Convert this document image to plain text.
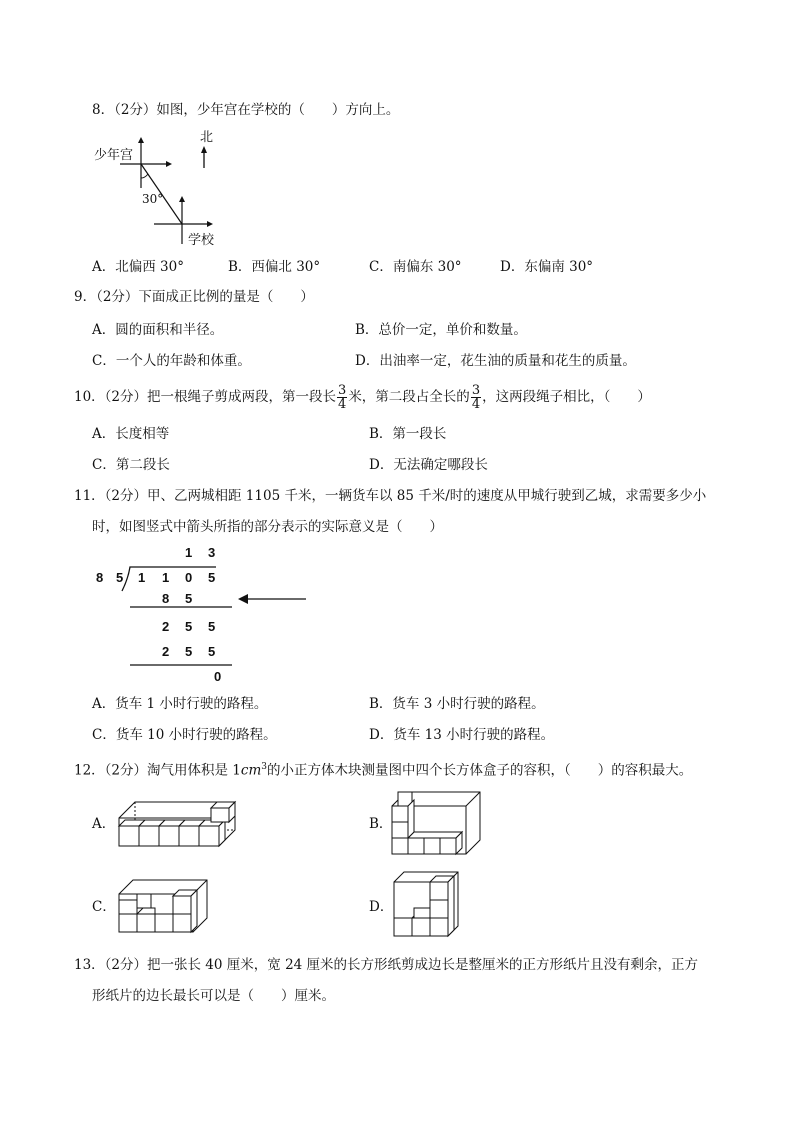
8．（2分）如图，少年宫在学校的（　　）方向上。
北
少年宫
30°
学校
A．北偏西 30°	B．西偏北 30°	C．南偏东 30°	D．东偏南 30°
9．（2分）下面成正比例的量是（　　）
A．圆的面积和半径。	B．总价一定，单价和数量。
C．一个人的年龄和体重。	D．出油率一定，花生油的质量和花生的质量。
10．（2分）把一根绳子剪成两段，第一段长 $\frac{3}{4}$ 米，第二段占全长的 $\frac{3}{4}$ ，这两段绳子相比，（　　）
A．长度相等	B．第一段长
C．第二段长	D．无法确定哪段长
11．（2分）甲、乙两城相距 1105 千米，一辆货车以 85 千米/时的速度从甲城行驶到乙城，求需要多少小
时，如图竖式中箭头所指的部分表示的实际意义是（　　）
1 3
8 5 1 1 0 5
8 5
2 5 5
2 5 5
0
A．货车 1 小时行驶的路程。	B．货车 3 小时行驶的路程。
C．货车 10 小时行驶的路程。	D．货车 13 小时行驶的路程。
12．（2分）淘气用体积是 $1cm^3$的小正方体木块测量图中四个长方体盒子的容积，（　　）的容积最大。
A．	B．
C．	D．
13．（2分）把一张长 40 厘米，宽 24 厘米的长方形纸剪成边长是整厘米的正方形纸片且没有剩余，正方
形纸片的边长最长可以是（　　）厘米。
